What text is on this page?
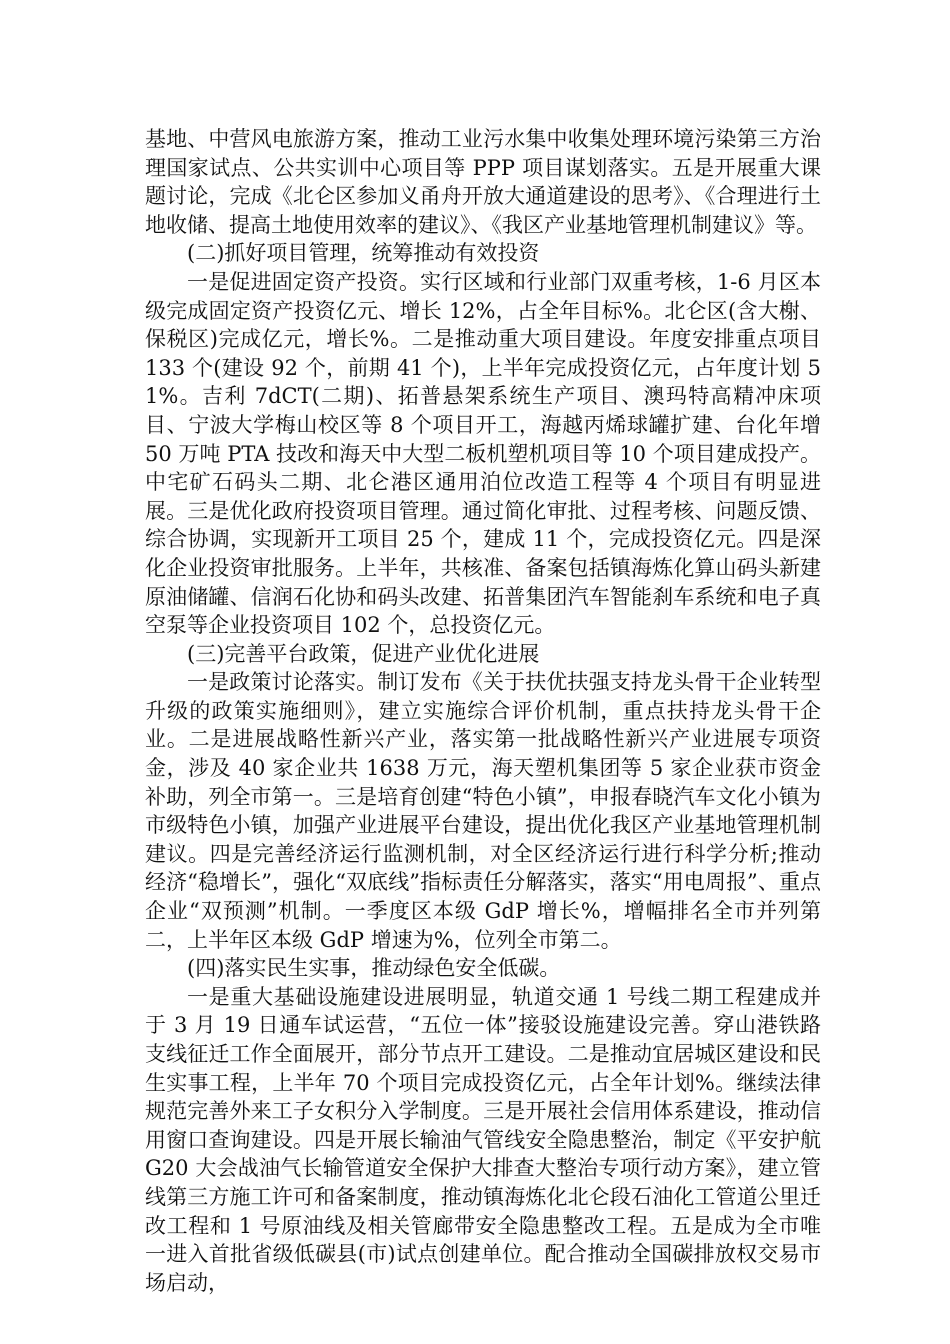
基地、中营风电旅游方案，推动工业污水集中收集处理环境污染第三方治理国家试点、公共实训中心项目等 PPP 项目谋划落实。五是开展重大课题讨论，完成《北仑区参加义甬舟开放大通道建设的思考》、《合理进行土地收储、提高土地使用效率的建议》、《我区产业基地管理机制建议》等。

(二)抓好项目管理，统筹推动有效投资

一是促进固定资产投资。实行区域和行业部门双重考核，1-6 月区本级完成固定资产投资亿元、增长 12%，占全年目标%。北仑区(含大榭、保税区)完成亿元，增长%。二是推动重大项目建设。年度安排重点项目 133 个(建设 92 个，前期 41 个)，上半年完成投资亿元，占年度计划 51%。吉利 7dCT(二期)、拓普悬架系统生产项目、澳玛特高精冲床项目、宁波大学梅山校区等 8 个项目开工，海越丙烯球罐扩建、台化年增 50 万吨 PTA 技改和海天中大型二板机塑机项目等 10 个项目建成投产。中宅矿石码头二期、北仑港区通用泊位改造工程等 4 个项目有明显进展。三是优化政府投资项目管理。通过简化审批、过程考核、问题反馈、综合协调，实现新开工项目 25 个，建成 11 个，完成投资亿元。四是深化企业投资审批服务。上半年，共核准、备案包括镇海炼化算山码头新建原油储罐、信润石化协和码头改建、拓普集团汽车智能刹车系统和电子真空泵等企业投资项目 102 个，总投资亿元。

(三)完善平台政策，促进产业优化进展

一是政策讨论落实。制订发布《关于扶优扶强支持龙头骨干企业转型升级的政策实施细则》，建立实施综合评价机制，重点扶持龙头骨干企业。二是进展战略性新兴产业，落实第一批战略性新兴产业进展专项资金，涉及 40 家企业共 1638 万元，海天塑机集团等 5 家企业获市资金补助，列全市第一。三是培育创建“特色小镇”，申报春晓汽车文化小镇为市级特色小镇，加强产业进展平台建设，提出优化我区产业基地管理机制建议。四是完善经济运行监测机制，对全区经济运行进行科学分析;推动经济“稳增长”，强化“双底线”指标责任分解落实，落实“用电周报”、重点企业“双预测”机制。一季度区本级 GdP 增长%，增幅排名全市并列第二，上半年区本级 GdP 增速为%，位列全市第二。

(四)落实民生实事，推动绿色安全低碳。

一是重大基础设施建设进展明显，轨道交通 1 号线二期工程建成并于 3 月 19 日通车试运营，“五位一体”接驳设施建设完善。穿山港铁路支线征迁工作全面展开，部分节点开工建设。二是推动宜居城区建设和民生实事工程，上半年 70 个项目完成投资亿元，占全年计划%。继续法律规范完善外来工子女积分入学制度。三是开展社会信用体系建设，推动信用窗口查询建设。四是开展长输油气管线安全隐患整治，制定《平安护航 G20 大会战油气长输管道安全保护大排查大整治专项行动方案》，建立管线第三方施工许可和备案制度，推动镇海炼化北仑段石油化工管道公里迁改工程和 1 号原油线及相关管廊带安全隐患整改工程。五是成为全市唯一进入首批省级低碳县(市)试点创建单位。配合推动全国碳排放权交易市场启动，
